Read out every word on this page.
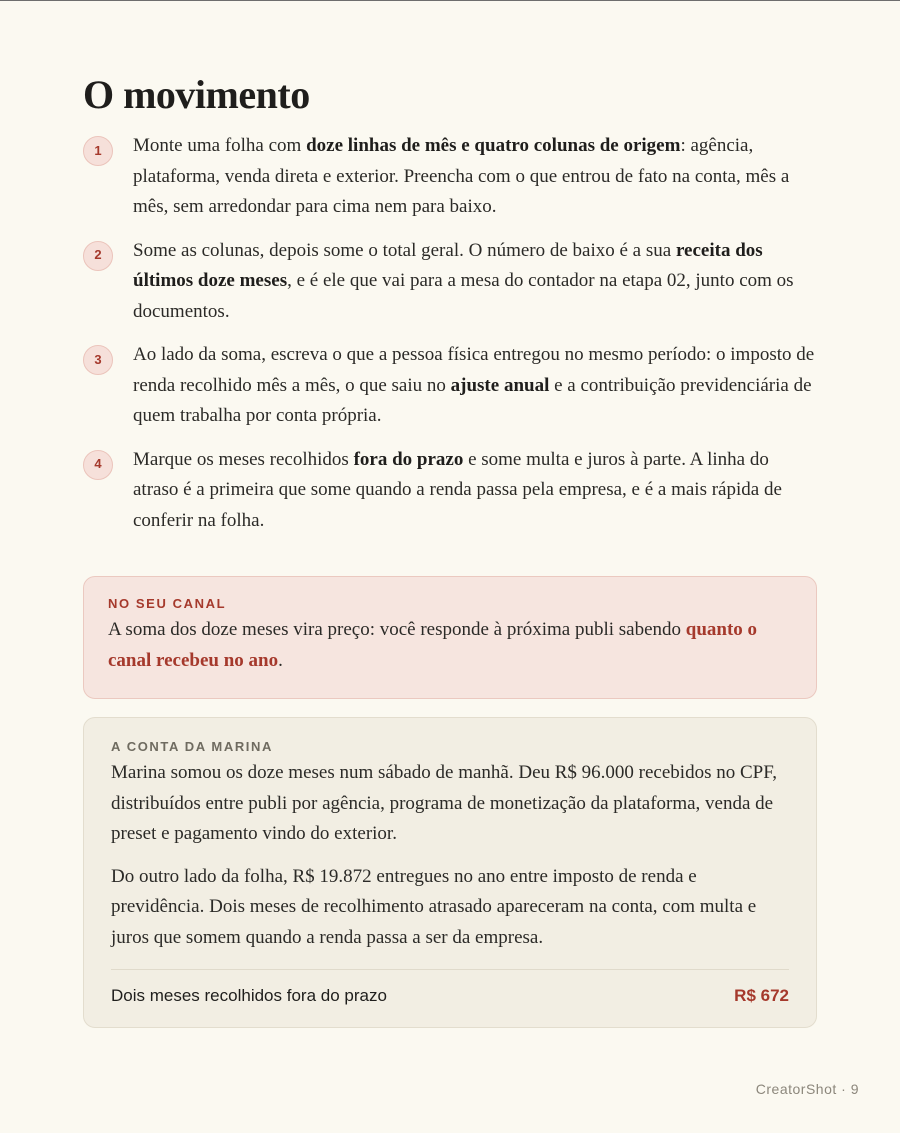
O movimento
1	Monte uma folha com doze linhas de mês e quatro colunas de origem: agência, plataforma, venda direta e exterior. Preencha com o que entrou de fato na conta, mês a mês, sem arredondar para cima nem para baixo.
2	Some as colunas, depois some o total geral. O número de baixo é a sua receita dos últimos doze meses, e é ele que vai para a mesa do contador na etapa 02, junto com os documentos.
3	Ao lado da soma, escreva o que a pessoa física entregou no mesmo período: o imposto de renda recolhido mês a mês, o que saiu no ajuste anual e a contribuição previdenciária de quem trabalha por conta própria.
4	Marque os meses recolhidos fora do prazo e some multa e juros à parte. A linha do atraso é a primeira que some quando a renda passa pela empresa, e é a mais rápida de conferir na folha.

NO SEU CANAL

A soma dos doze meses vira preço: você responde à próxima publi sabendo quanto o canal recebeu no ano.

A CONTA DA MARINA

Marina somou os doze meses num sábado de manhã. Deu R$ 96.000 recebidos no CPF, distribuídos entre publi por agência, programa de monetização da plataforma, venda de preset e pagamento vindo do exterior.

Do outro lado da folha, R$ 19.872 entregues no ano entre imposto de renda e previdência. Dois meses de recolhimento atrasado apareceram na conta, com multa e juros que somem quando a renda passa a ser da empresa.

Dois meses recolhidos fora do prazo	R$ 672
CreatorShot · 9
